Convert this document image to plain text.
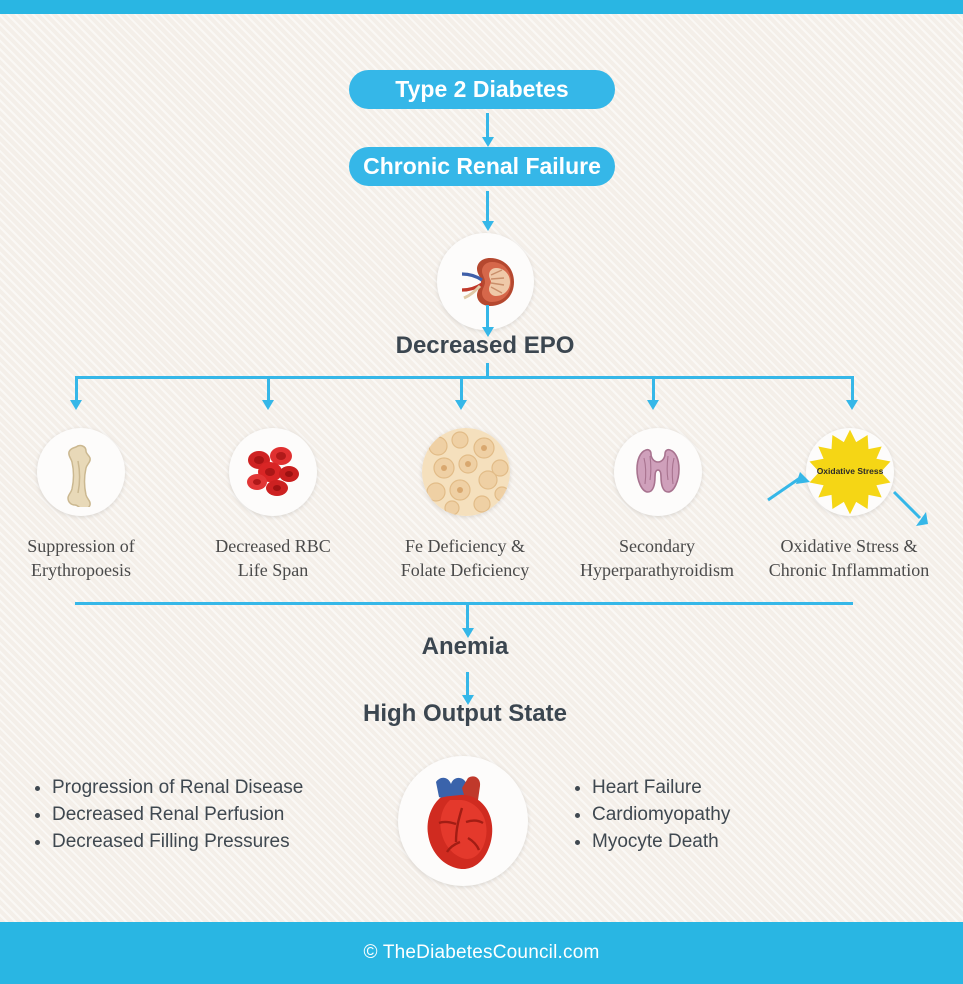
Type 2 Diabetes
Chronic Renal Failure
Decreased EPO
Oxidative Stress
Suppression of
Erythropoesis
Decreased RBC
Life Span
Fe Deficiency &
Folate Deficiency
Secondary
Hyperparathyroidism
Oxidative Stress &
Chronic Inflammation
Anemia
High Output State
• Progression of Renal Disease
• Decreased Renal Perfusion
• Decreased Filling Pressures
• Heart Failure
• Cardiomyopathy
• Myocyte Death
© TheDiabetesCouncil.com
